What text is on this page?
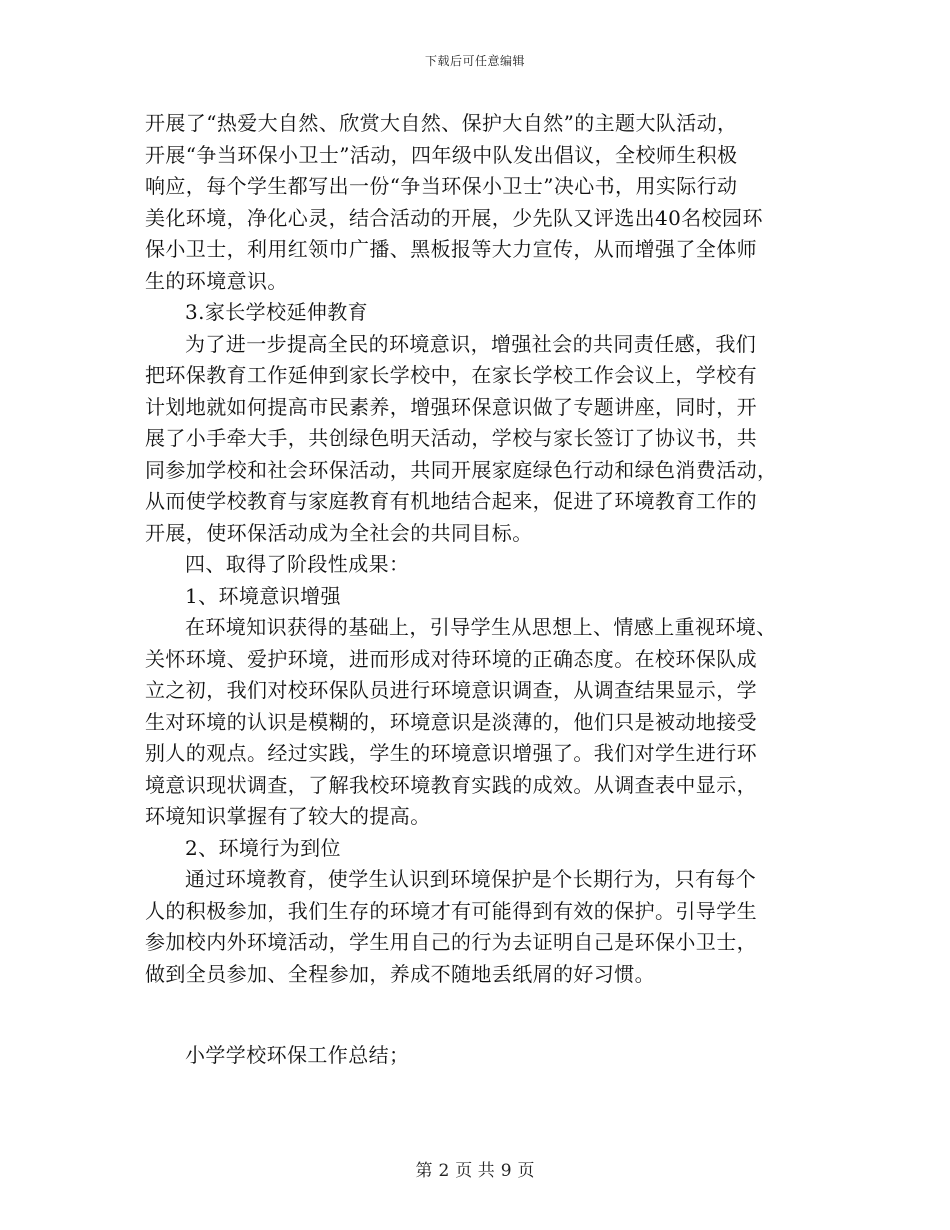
下载后可任意编辑
开展了“热爱大自然、欣赏大自然、保护大自然”的主题大队活动，
开展“争当环保小卫士”活动，四年级中队发出倡议，全校师生积极
响应，每个学生都写出一份“争当环保小卫士”决心书，用实际行动
美化环境，净化心灵，结合活动的开展，少先队又评选出40名校园环
保小卫士，利用红领巾广播、黑板报等大力宣传，从而增强了全体师
生的环境意识。
3.家长学校延伸教育
为了进一步提高全民的环境意识，增强社会的共同责任感，我们
把环保教育工作延伸到家长学校中，在家长学校工作会议上，学校有
计划地就如何提高市民素养，增强环保意识做了专题讲座，同时，开
展了小手牵大手，共创绿色明天活动，学校与家长签订了协议书，共
同参加学校和社会环保活动，共同开展家庭绿色行动和绿色消费活动，
从而使学校教育与家庭教育有机地结合起来，促进了环境教育工作的
开展，使环保活动成为全社会的共同目标。
四、取得了阶段性成果：
1、环境意识增强
在环境知识获得的基础上，引导学生从思想上、情感上重视环境、
关怀环境、爱护环境，进而形成对待环境的正确态度。在校环保队成
立之初，我们对校环保队员进行环境意识调查，从调查结果显示，学
生对环境的认识是模糊的，环境意识是淡薄的，他们只是被动地接受
别人的观点。经过实践，学生的环境意识增强了。我们对学生进行环
境意识现状调查，了解我校环境教育实践的成效。从调查表中显示，
环境知识掌握有了较大的提高。
2、环境行为到位
通过环境教育，使学生认识到环境保护是个长期行为，只有每个
人的积极参加，我们生存的环境才有可能得到有效的保护。引导学生
参加校内外环境活动，学生用自己的行为去证明自己是环保小卫士，
做到全员参加、全程参加，养成不随地丢纸屑的好习惯。
小学学校环保工作总结；
第 2 页 共 9 页
